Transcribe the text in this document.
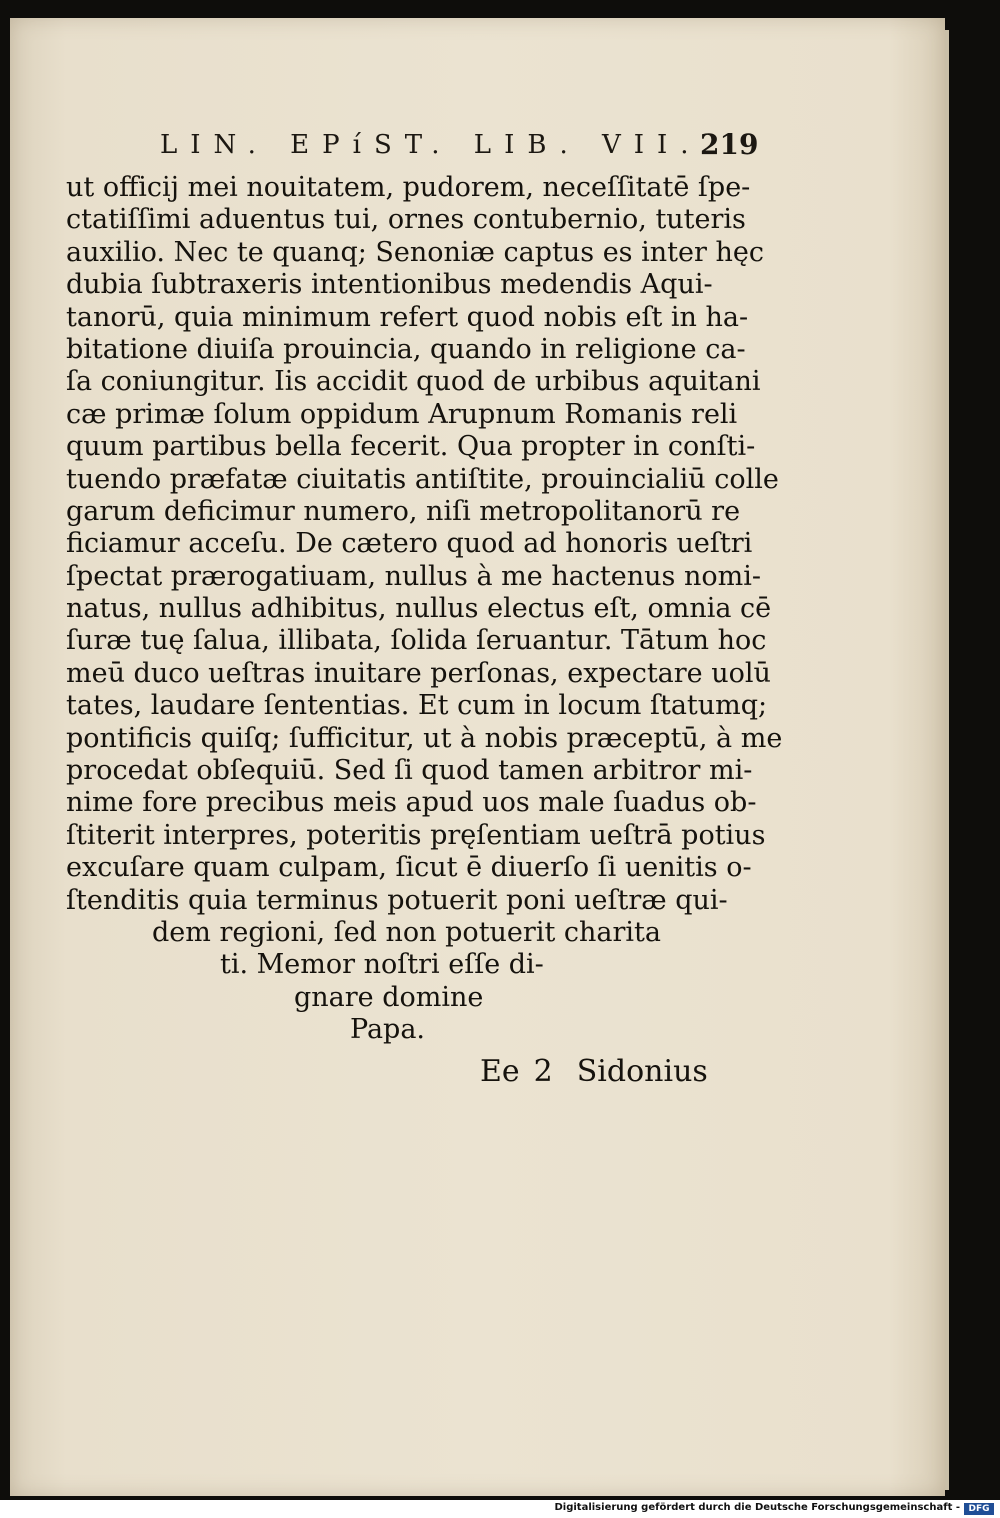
LIN. EPíST. LIB. VII.
219
ut officij mei nouitatem, pudorem, neceſſitatē ſpe-
ctatiſſimi aduentus tui, ornes contubernio, tuteris
auxilio. Nec te quanq; Senoniæ captus es inter hęc
dubia ſubtraxeris intentionibus medendis Aqui-
tanorū, quia minimum refert quod nobis eſt in ha-
bitatione diuiſa prouincia, quando in religione ca-
ſa coniungitur. Iis accidit quod de urbibus aquitani
cæ primæ ſolum oppidum Arupnum Romanis reli
quum partibus bella fecerit. Qua propter in conſti-
tuendo præfatæ ciuitatis antiſtite, prouincialiū colle
garum deficimur numero, niſi metropolitanorū re
ficiamur acceſu. De cætero quod ad honoris ueſtri
ſpectat prærogatiuam, nullus à me hactenus nomi-
natus, nullus adhibitus, nullus electus eſt, omnia cē
ſuræ tuę ſalua, illibata, ſolida ſeruantur. Tātum hoc
meū duco ueſtras inuitare perſonas, expectare uolū
tates, laudare ſententias. Et cum in locum ſtatumq;
pontificis quiſq; ſufficitur, ut à nobis præceptū, à me
procedat obſequiū. Sed ſi quod tamen arbitror mi-
nime fore precibus meis apud uos male ſuadus ob-
ſtiterit interpres, poteritis pręſentiam ueſtrā potius
excuſare quam culpam, ſicut ē diuerſo ſi uenitis o-
ſtenditis quia terminus potuerit poni ueſtræ qui-
dem regioni, ſed non potuerit charita
ti. Memor noſtri eſſe di-
gnare domine
Papa.
Ee 2 Sidonius
Digitalisierung gefördert durch die Deutsche Forschungsgemeinschaft - DFG
